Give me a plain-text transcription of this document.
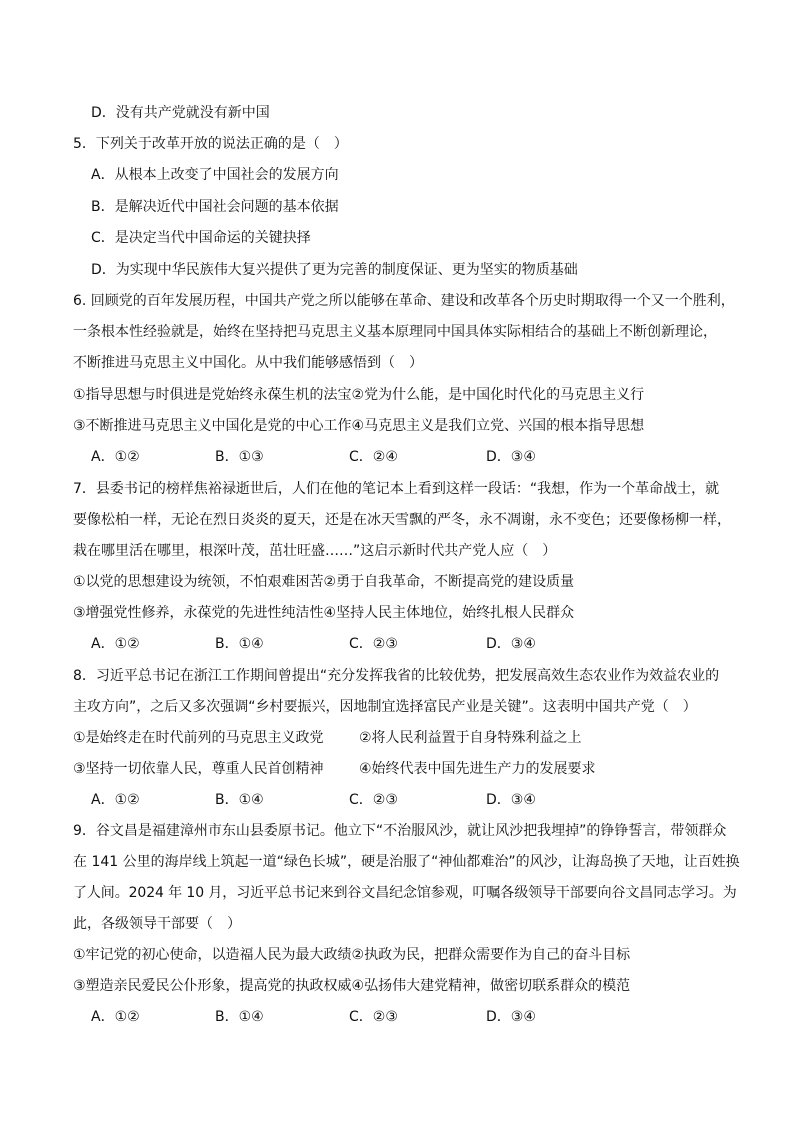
D．没有共产党就没有新中国
5．下列关于改革开放的说法正确的是（　）
A．从根本上改变了中国社会的发展方向
B．是解决近代中国社会问题的基本依据
C．是决定当代中国命运的关键抉择
D．为实现中华民族伟大复兴提供了更为完善的制度保证、更为坚实的物质基础
6. 回顾党的百年发展历程，中国共产党之所以能够在革命、建设和改革各个历史时期取得一个又一个胜利，
一条根本性经验就是，始终在坚持把马克思主义基本原理同中国具体实际相结合的基础上不断创新理论，
不断推进马克思主义中国化。从中我们能够感悟到（　）
①指导思想与时俱进是党始终永葆生机的法宝②党为什么能，是中国化时代化的马克思主义行
③不断推进马克思主义中国化是党的中心工作④马克思主义是我们立党、兴国的根本指导思想
A．①②	B．①③	C．②④	D．③④
7．县委书记的榜样焦裕禄逝世后，人们在他的笔记本上看到这样一段话：“我想，作为一个革命战士，就
要像松柏一样，无论在烈日炎炎的夏天，还是在冰天雪飘的严冬，永不凋谢，永不变色；还要像杨柳一样，
栽在哪里活在哪里，根深叶茂，茁壮旺盛……”这启示新时代共产党人应（　）
①以党的思想建设为统领，不怕艰难困苦②勇于自我革命，不断提高党的建设质量
③增强党性修养，永葆党的先进性纯洁性④坚持人民主体地位，始终扎根人民群众
A．①②	B．①④	C．②③	D．③④
8．习近平总书记在浙江工作期间曾提出“充分发挥我省的比较优势，把发展高效生态农业作为效益农业的
主攻方向”，之后又多次强调“乡村要振兴，因地制宜选择富民产业是关键”。这表明中国共产党（　）
①是始终走在时代前列的马克思主义政党	②将人民利益置于自身特殊利益之上
③坚持一切依靠人民，尊重人民首创精神	④始终代表中国先进生产力的发展要求
A．①②	B．①④	C．②③	D．③④
9．谷文昌是福建漳州市东山县委原书记。他立下“不治服风沙，就让风沙把我埋掉”的铮铮誓言，带领群众
在 141 公里的海岸线上筑起一道“绿色长城”，硬是治服了“神仙都难治”的风沙，让海岛换了天地，让百姓换
了人间。2024 年 10 月，习近平总书记来到谷文昌纪念馆参观，叮嘱各级领导干部要向谷文昌同志学习。为
此，各级领导干部要（　）
①牢记党的初心使命，以造福人民为最大政绩②执政为民，把群众需要作为自己的奋斗目标
③塑造亲民爱民公仆形象，提高党的执政权威④弘扬伟大建党精神，做密切联系群众的模范
A．①②	B．①④	C．②③	D．③④
